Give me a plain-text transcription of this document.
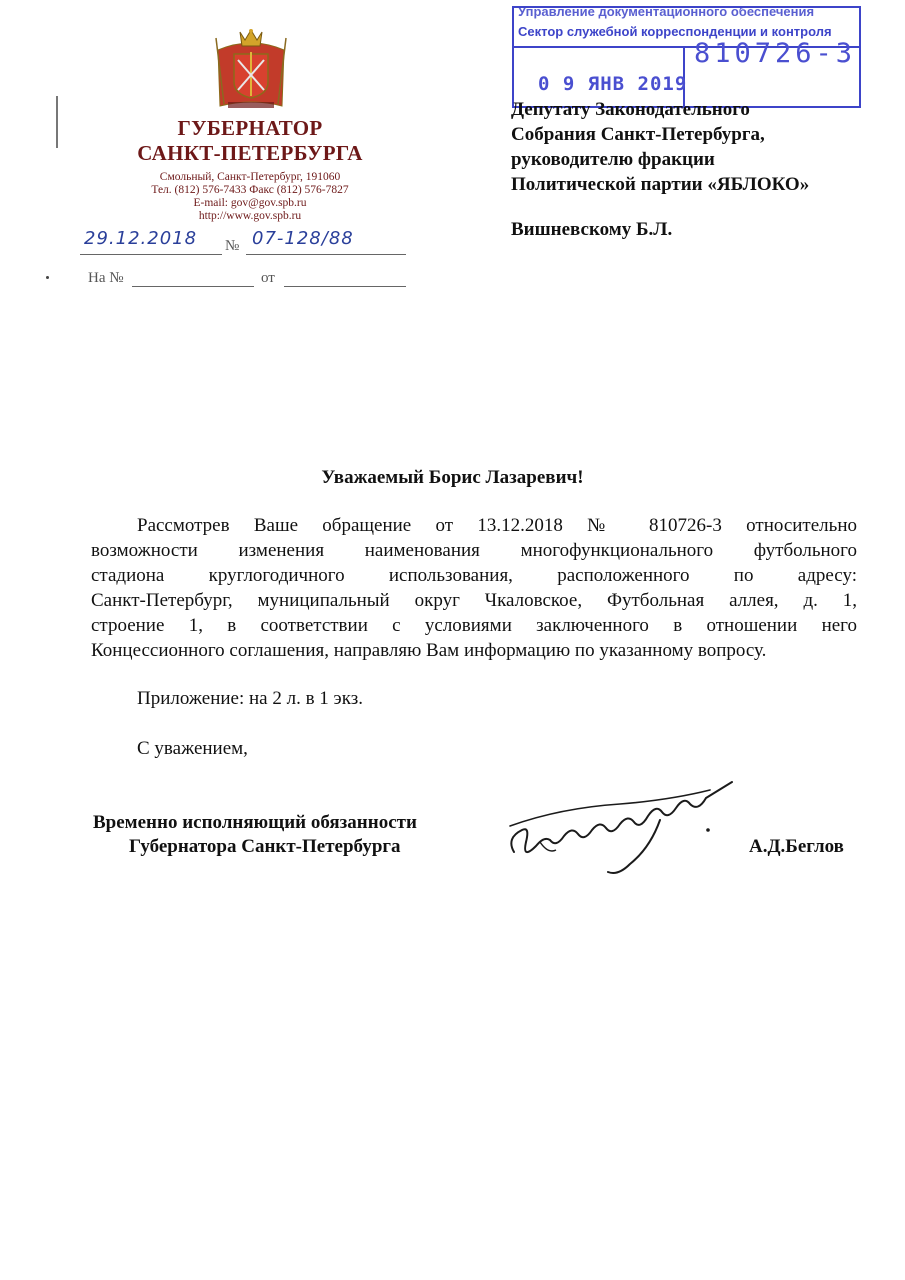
ГУБЕРНАТОР
САНКТ-ПЕТЕРБУРГА
Смольный, Санкт-Петербург, 191060
Тел. (812) 576-7433 Факс (812) 576-7827
E-mail: gov@gov.spb.ru
http://www.gov.spb.ru
29.12.2018 № 07-128/88
На №	от
Управление документационного обеспечения
Сектор служебной корреспонденции и контроля
810726-3
0 9 ЯНВ 2019
Депутату Законодательного
Собрания Санкт-Петербурга,
руководителю фракции
Политической партии «ЯБЛОКО»
Вишневскому Б.Л.
Уважаемый Борис Лазаревич!
Рассмотрев Ваше обращение от 13.12.2018 № 810726-3 относительно
возможности изменения наименования многофункционального футбольного
стадиона круглогодичного использования, расположенного по адресу:
Санкт-Петербург, муниципальный округ Чкаловское, Футбольная аллея, д. 1,
строение 1, в соответствии с условиями заключенного в отношении него
Концессионного соглашения, направляю Вам информацию по указанному вопросу.
Приложение: на 2 л. в 1 экз.
С уважением,
Временно исполняющий обязанности
Губернатора Санкт-Петербурга	А.Д.Беглов
